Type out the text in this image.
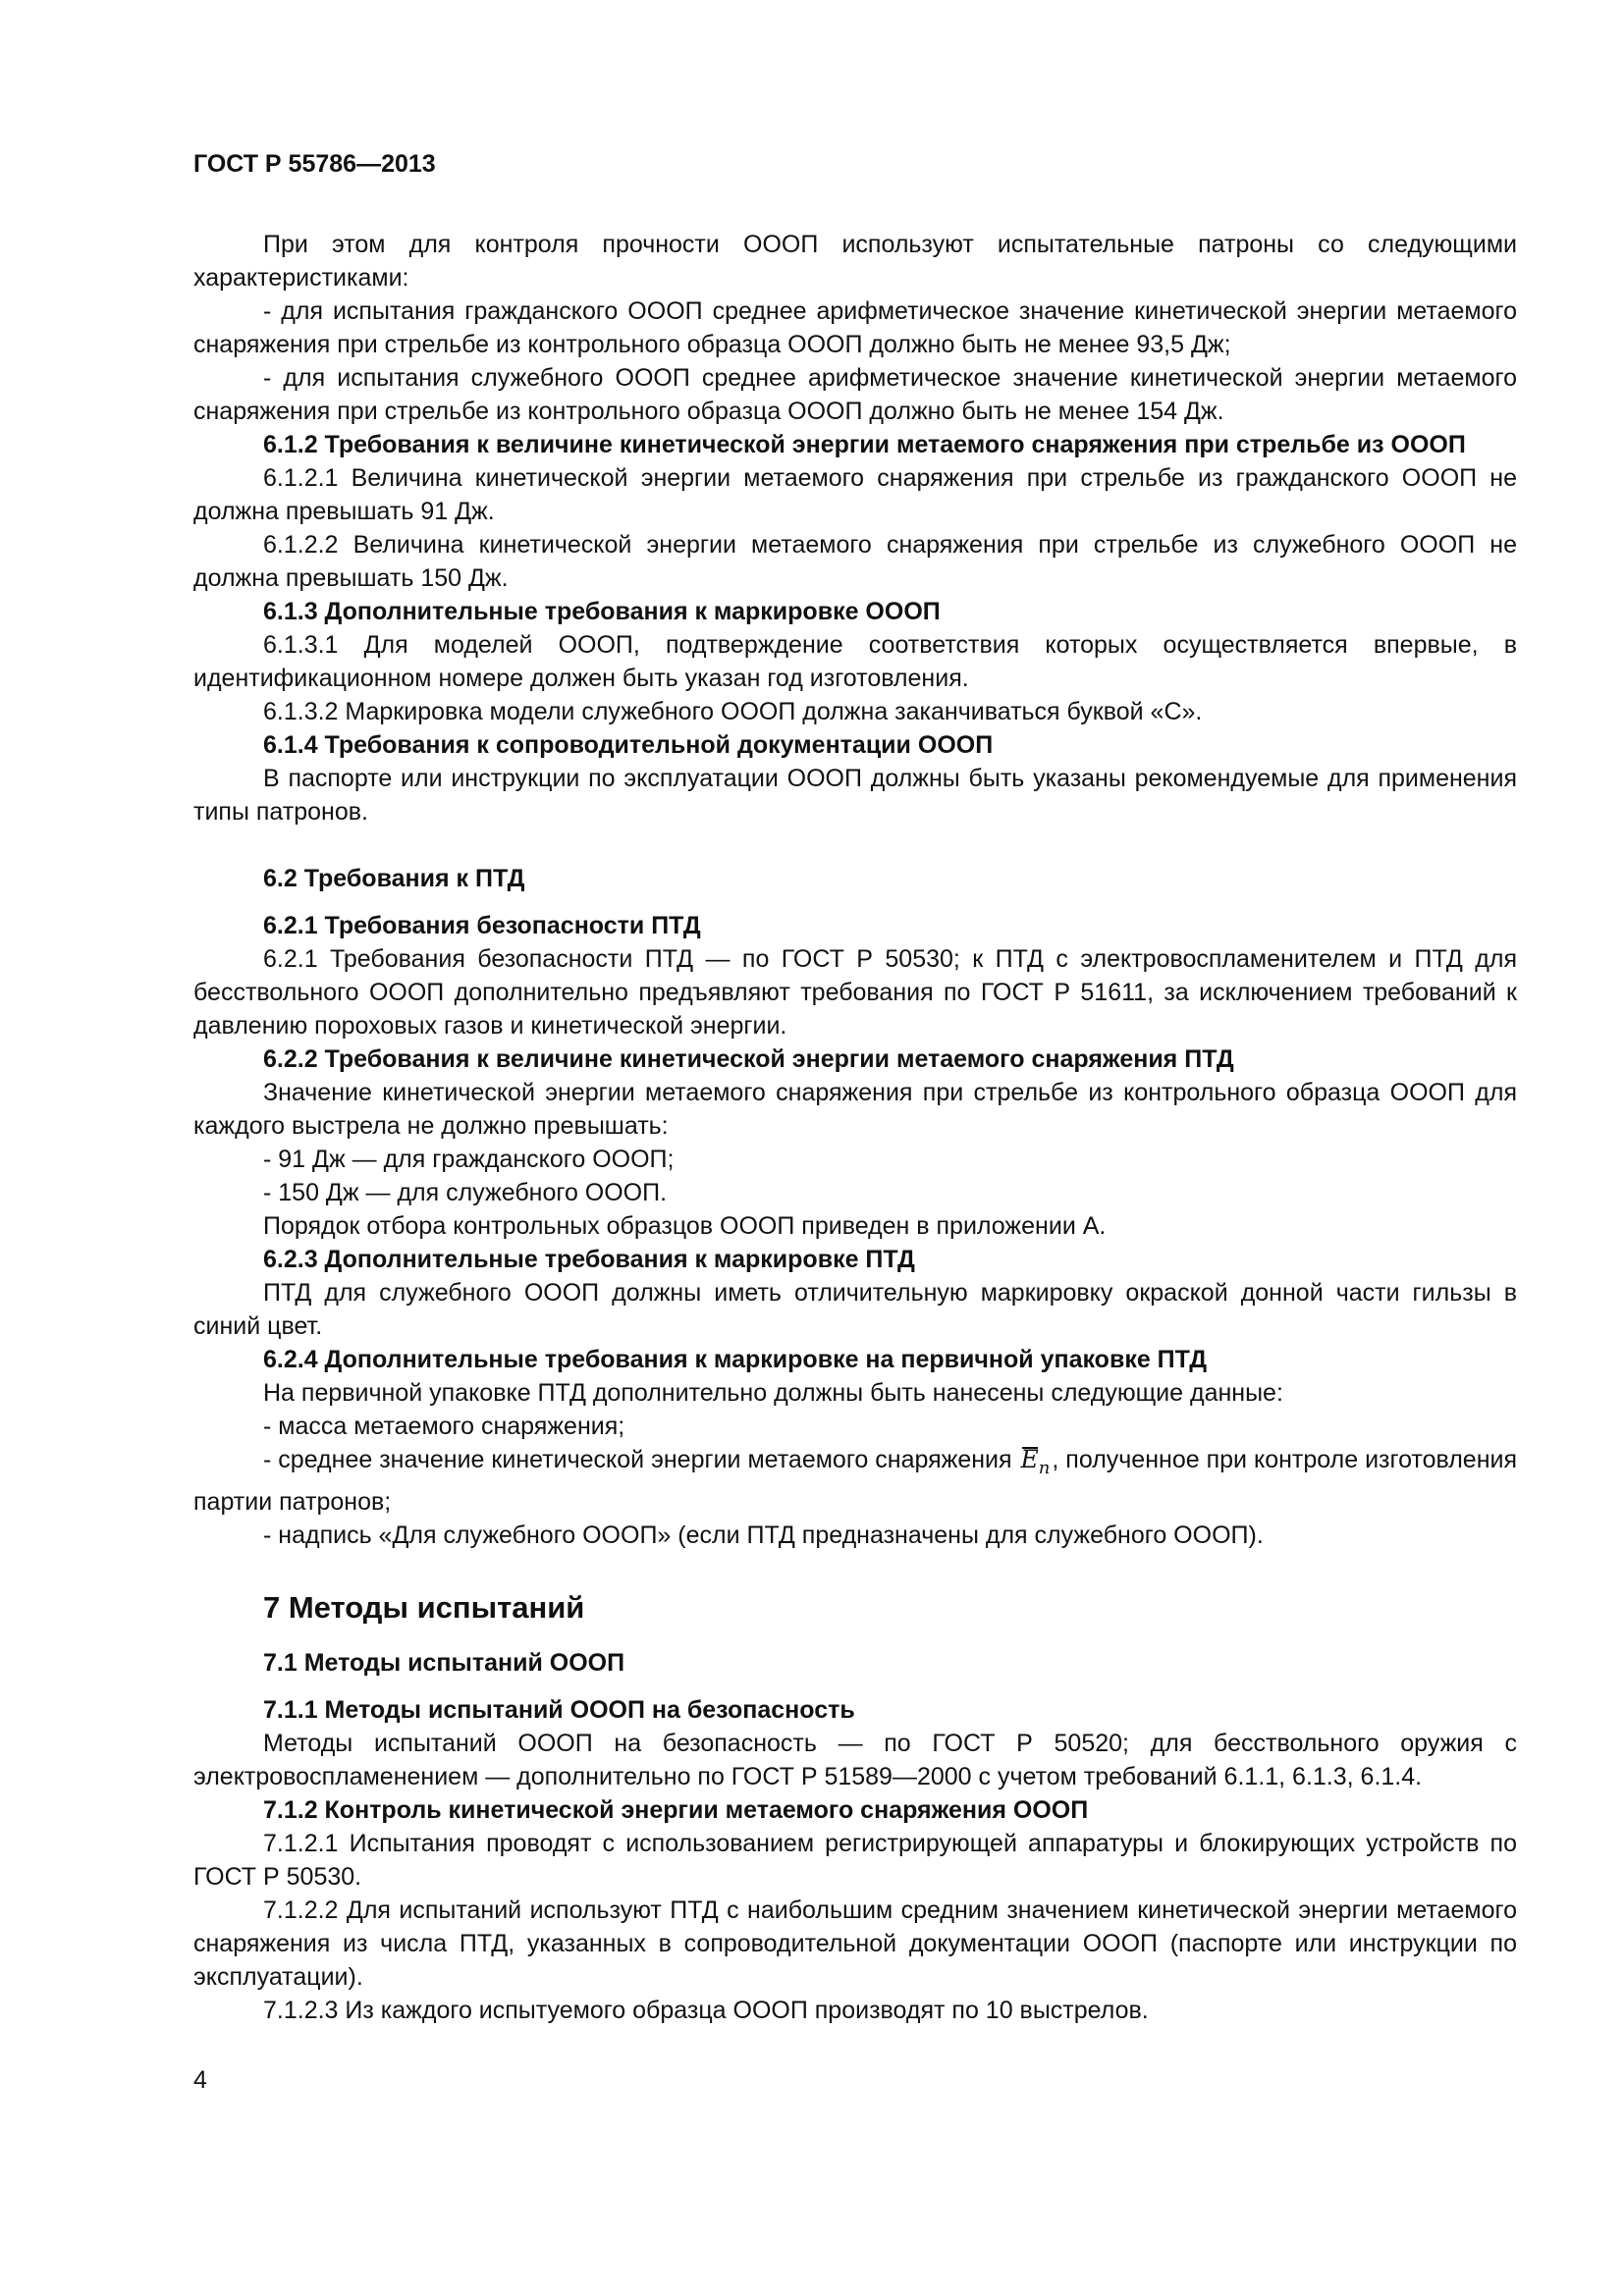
ГОСТ Р 55786—2013

При этом для контроля прочности ОООП используют испытательные патроны со следующими характеристиками:

- для испытания гражданского ОООП среднее арифметическое значение кинетической энергии метаемого снаряжения при стрельбе из контрольного образца ОООП должно быть не менее 93,5 Дж;

- для испытания служебного ОООП среднее арифметическое значение кинетической энергии метаемого снаряжения при стрельбе из контрольного образца ОООП должно быть не менее 154 Дж.

6.1.2 Требования к величине кинетической энергии метаемого снаряжения при стрельбе из ОООП

6.1.2.1 Величина кинетической энергии метаемого снаряжения при стрельбе из гражданского ОООП не должна превышать 91 Дж.

6.1.2.2 Величина кинетической энергии метаемого снаряжения при стрельбе из служебного ОООП не должна превышать 150 Дж.

6.1.3 Дополнительные требования к маркировке ОООП

6.1.3.1 Для моделей ОООП, подтверждение соответствия которых осуществляется впервые, в идентификационном номере должен быть указан год изготовления.

6.1.3.2 Маркировка модели служебного ОООП должна заканчиваться буквой «С».

6.1.4 Требования к сопроводительной документации ОООП

В паспорте или инструкции по эксплуатации ОООП должны быть указаны рекомендуемые для применения типы патронов.

6.2 Требования к ПТД

6.2.1 Требования безопасности ПТД

6.2.1 Требования безопасности ПТД — по ГОСТ Р 50530; к ПТД с электровоспламенителем и ПТД для бесствольного ОООП дополнительно предъявляют требования по ГОСТ Р 51611, за исключением требований к давлению пороховых газов и кинетической энергии.

6.2.2 Требования к величине кинетической энергии метаемого снаряжения ПТД

Значение кинетической энергии метаемого снаряжения при стрельбе из контрольного образца ОООП для каждого выстрела не должно превышать:

- 91 Дж — для гражданского ОООП;

- 150 Дж — для служебного ОООП.

Порядок отбора контрольных образцов ОООП приведен в приложении А.

6.2.3 Дополнительные требования к маркировке ПТД

ПТД для служебного ОООП должны иметь отличительную маркировку окраской донной части гильзы в синий цвет.

6.2.4 Дополнительные требования к маркировке на первичной упаковке ПТД

На первичной упаковке ПТД дополнительно должны быть нанесены следующие данные:

- масса метаемого снаряжения;

- среднее значение кинетической энергии метаемого снаряжения
$E_n$, полученное при контроле изготовления партии патронов;

- надпись «Для служебного ОООП» (если ПТД предназначены для служебного ОООП).

7 Методы испытаний

7.1 Методы испытаний ОООП

7.1.1 Методы испытаний ОООП на безопасность

Методы испытаний ОООП на безопасность — по ГОСТ Р 50520; для бесствольного оружия с электровоспламенением — дополнительно по ГОСТ Р 51589—2000 с учетом требований 6.1.1, 6.1.3, 6.1.4.

7.1.2 Контроль кинетической энергии метаемого снаряжения ОООП

7.1.2.1 Испытания проводят с использованием регистрирующей аппаратуры и блокирующих устройств по ГОСТ Р 50530.

7.1.2.2 Для испытаний используют ПТД с наибольшим средним значением кинетической энергии метаемого снаряжения из числа ПТД, указанных в сопроводительной документации ОООП (паспорте или инструкции по эксплуатации).

7.1.2.3 Из каждого испытуемого образца ОООП производят по 10 выстрелов.

4
